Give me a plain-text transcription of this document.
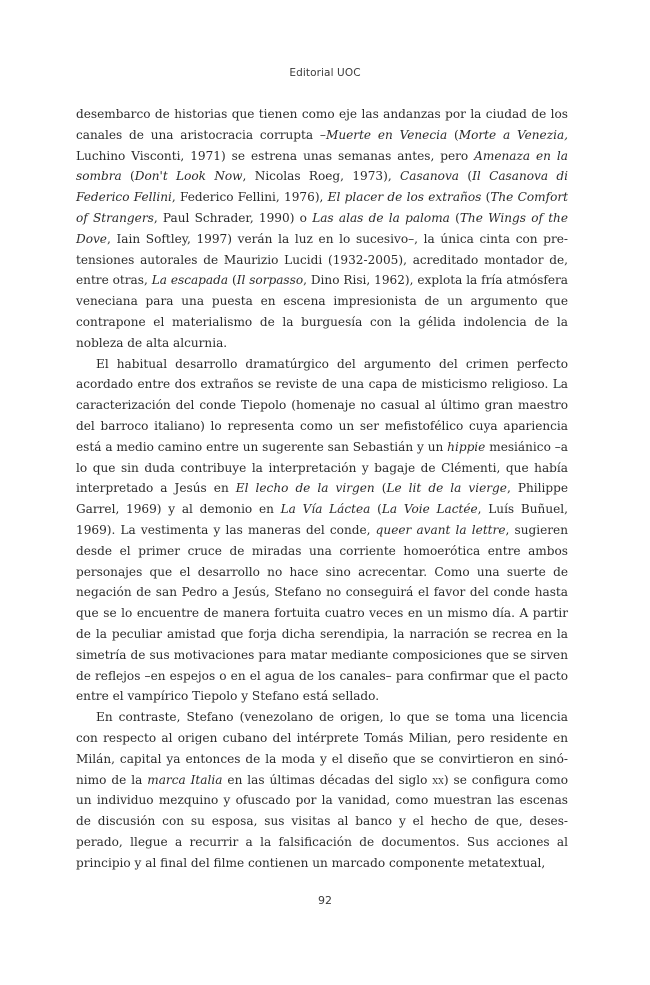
Editorial UOC

desembarco de historias que tienen como eje las andanzas por la ciudad de los canales de una aristocracia corrupta –Muerte en Venecia (Morte a Venezia, Luchino Visconti, 1971) se estrena unas semanas antes, pero Amenaza en la sombra (Don't Look Now, Nicolas Roeg, 1973), Casanova (Il Casanova di Federico Fellini, Federico Fellini, 1976), El placer de los extraños (The Comfort of Strangers, Paul Schrader, 1990) o Las alas de la paloma (The Wings of the Dove, Iain Softley, 1997) verán la luz en lo sucesivo–, la única cinta con pretensiones autorales de Maurizio Lucidi (1932-2005), acreditado montador de, entre otras, La escapada (Il sorpasso, Dino Risi, 1962), explota la fría atmósfera veneciana para una puesta en escena impresionista de un argumento que contrapone el materialismo de la burguesía con la gélida indolencia de la nobleza de alta alcurnia.

El habitual desarrollo dramatúrgico del argumento del crimen perfecto acordado entre dos extraños se reviste de una capa de misticismo religioso. La caracterización del conde Tiepolo (homenaje no casual al último gran maestro del barroco italiano) lo representa como un ser mefistofélico cuya apariencia está a medio camino entre un sugerente san Sebastián y un hippie mesiánico –a lo que sin duda contribuye la interpretación y bagaje de Clémenti, que había interpretado a Jesús en El lecho de la virgen (Le lit de la vierge, Philippe Garrel, 1969) y al demonio en La Vía Láctea (La Voie Lactée, Luís Buñuel, 1969). La vestimenta y las maneras del conde, queer avant la lettre, sugieren desde el primer cruce de miradas una corriente homoerótica entre ambos personajes que el desarrollo no hace sino acrecentar. Como una suerte de negación de san Pedro a Jesús, Stefano no conseguirá el favor del conde hasta que se lo encuentre de manera fortuita cuatro veces en un mismo día. A partir de la peculiar amistad que forja dicha serendipia, la narración se recrea en la simetría de sus motivaciones para matar mediante composiciones que se sirven de reflejos –en espejos o en el agua de los canales– para confirmar que el pacto entre el vampírico Tiepolo y Stefano está sellado.

En contraste, Stefano (venezolano de origen, lo que se toma una licencia con respecto al origen cubano del intérprete Tomás Milian, pero residente en Milán, capital ya entonces de la moda y el diseño que se convirtieron en sinónimo de la marca Italia en las últimas décadas del siglo xx) se configura como un individuo mezquino y ofuscado por la vanidad, como muestran las escenas de discusión con su esposa, sus visitas al banco y el hecho de que, desesperado, llegue a recurrir a la falsificación de documentos. Sus acciones al principio y al final del filme contienen un marcado componente metatextual,

92
